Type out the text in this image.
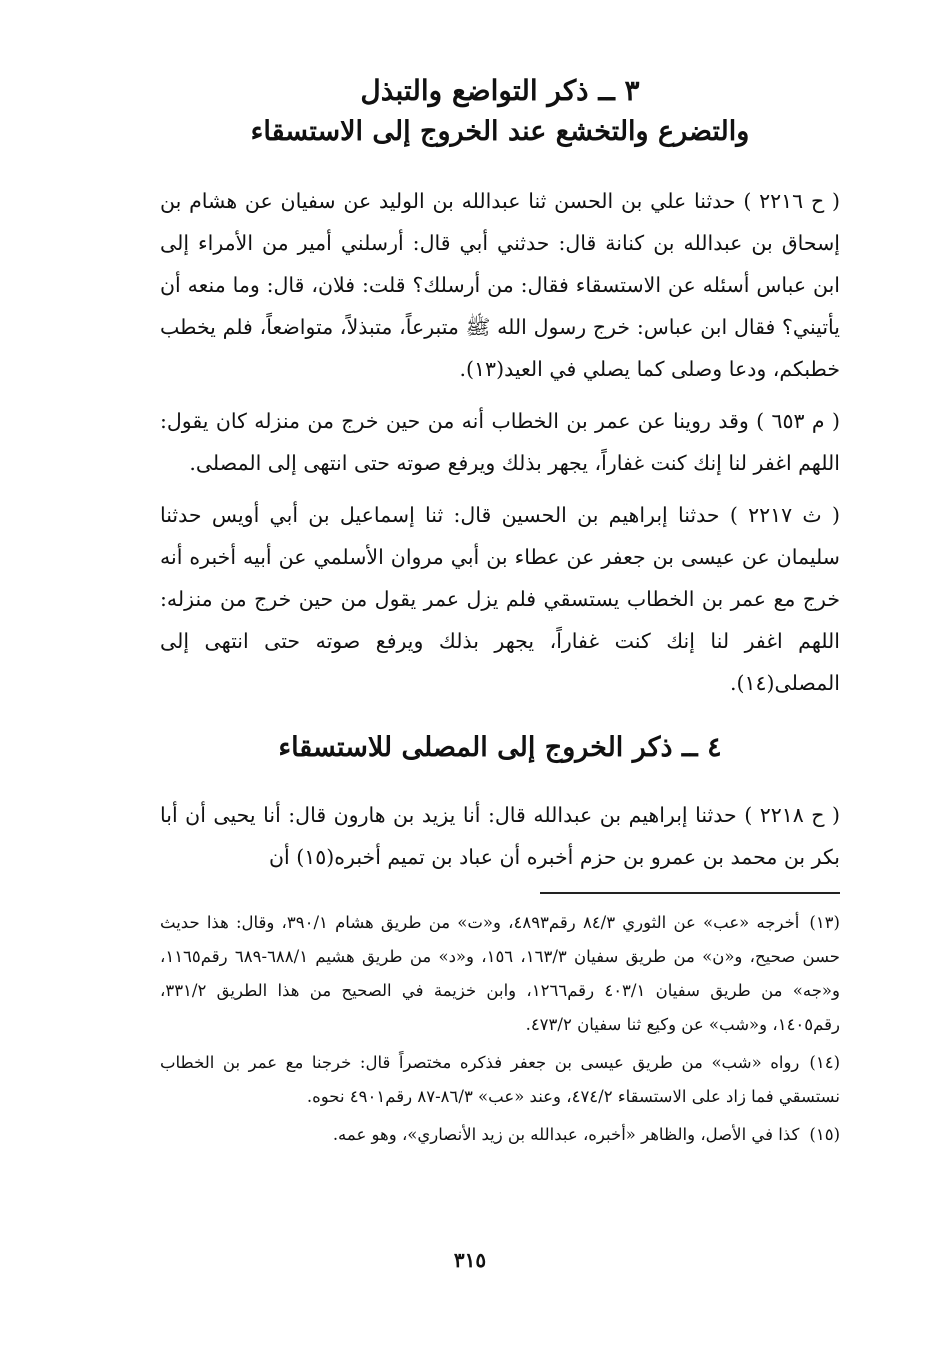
٣ ــ ذكر التواضع والتبذل
والتضرع والتخشع عند الخروج إلى الاستسقاء

( ح ٢٢١٦ ) حدثنا علي بن الحسن ثنا عبدالله بن الوليد عن سفيان عن هشام بن إسحاق بن عبدالله بن كنانة قال: حدثني أبي قال: أرسلني أمير من الأمراء إلى ابن عباس أسئله عن الاستسقاء فقال: من أرسلك؟ قلت: فلان، قال: وما منعه أن يأتيني؟ فقال ابن عباس: خرج رسول الله ﷺ متبرعاً، متبذلاً، متواضعاً، فلم يخطب خطبكم، ودعا وصلى كما يصلي في العيد(١٣).

( م ٦٥٣ ) وقد روينا عن عمر بن الخطاب أنه من حين خرج من منزله كان يقول: اللهم اغفر لنا إنك كنت غفاراً، يجهر بذلك ويرفع صوته حتى انتهى إلى المصلى.

( ث ٢٢١٧ ) حدثنا إبراهيم بن الحسين قال: ثنا إسماعيل بن أبي أويس حدثنا سليمان عن عيسى بن جعفر عن عطاء بن أبي مروان الأسلمي عن أبيه أخبره أنه خرج مع عمر بن الخطاب يستسقي فلم يزل عمر يقول من حين خرج من منزله: اللهم اغفر لنا إنك كنت غفاراً، يجهر بذلك ويرفع صوته حتى انتهى إلى المصلى(١٤).

٤ ــ ذكر الخروج إلى المصلى للاستسقاء

( ح ٢٢١٨ ) حدثنا إبراهيم بن عبدالله قال: أنا يزيد بن هارون قال: أنا يحيى أن أبا بكر بن محمد بن عمرو بن حزم أخبره أن عباد بن تميم أخبره(١٥) أن

(١٣)أخرجه «عب» عن الثوري ٨٤/٣ رقم٤٨٩٣، و«ت» من طريق هشام ٣٩٠/١، وقال: هذا حديث حسن صحيح، و«ن» من طريق سفيان ١٦٣/٣، ١٥٦، و«د» من طريق هشيم ٦٨٨/١-٦٨٩ رقم١١٦٥، و«جه» من طريق سفيان ٤٠٣/١ رقم١٢٦٦، وابن خزيمة في الصحيح من هذا الطريق ٣٣١/٢، رقم١٤٠٥، و«شب» عن وكيع ثنا سفيان ٤٧٣/٢.

(١٤)رواه «شب» من طريق عيسى بن جعفر فذكره مختصراً قال: خرجنا مع عمر بن الخطاب نستسقي فما زاد على الاستسقاء ٤٧٤/٢، وعند «عب» ٨٦/٣-٨٧ رقم٤٩٠١ نحوه.

(١٥)كذا في الأصل، والظاهر «أخبره، عبدالله بن زيد الأنصاري»، وهو عمه.

٣١٥
